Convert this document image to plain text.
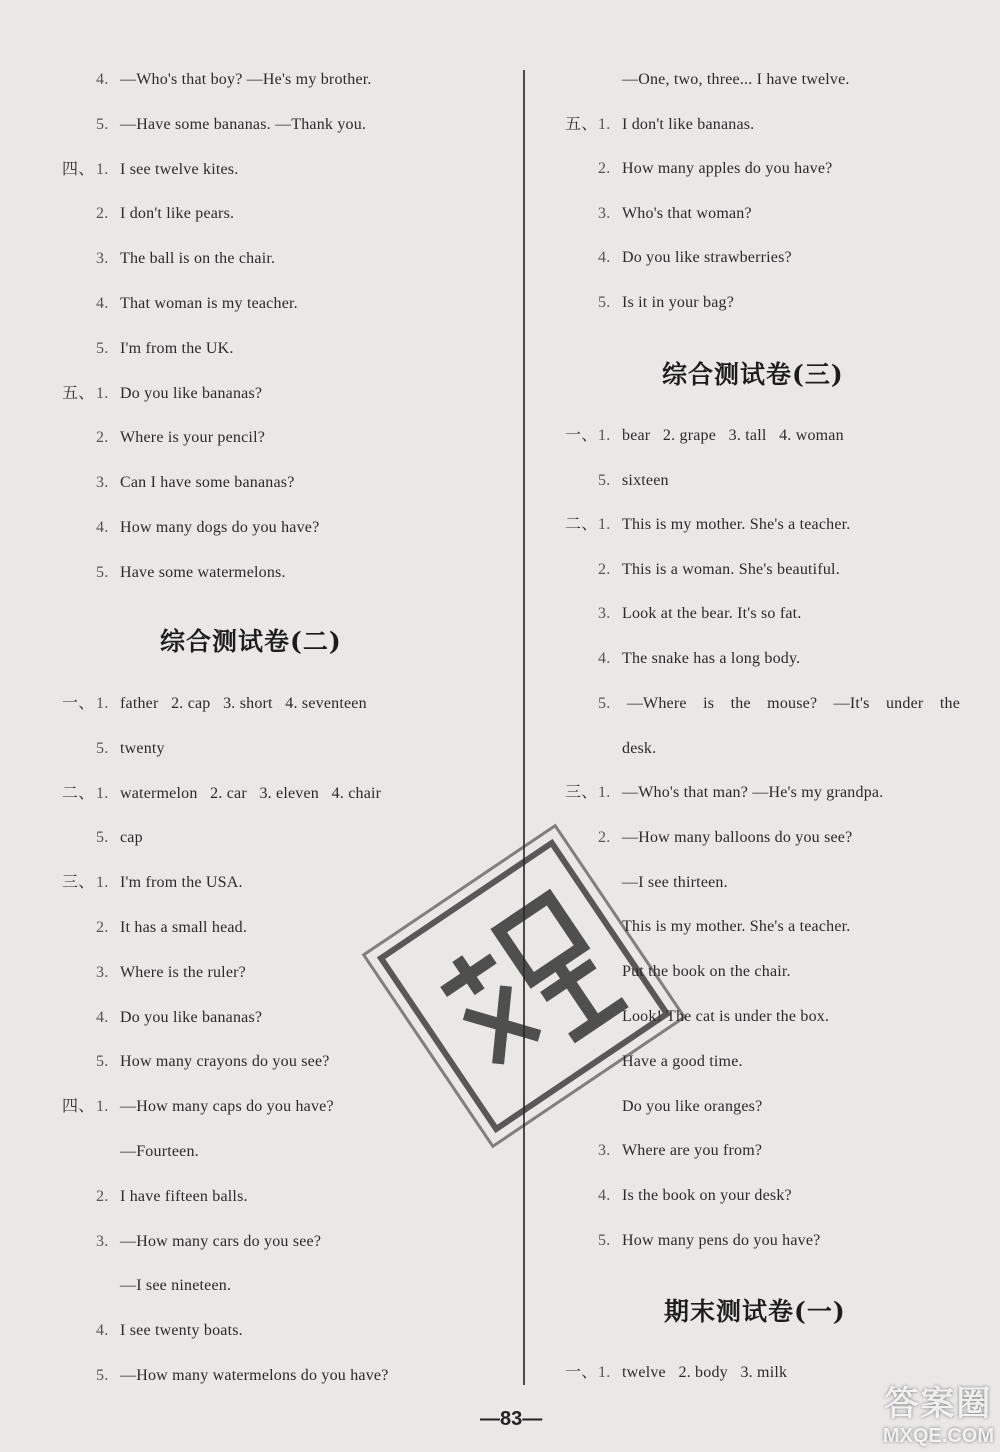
4. —Who's that boy? —He's my brother.
5. —Have some bananas. —Thank you.
四、 1. I see twelve kites.
2. I don't like pears.
3. The ball is on the chair.
4. That woman is my teacher.
5. I'm from the UK.
五、 1. Do you like bananas?
2. Where is your pencil?
3. Can I have some bananas?
4. How many dogs do you have?
5. Have some watermelons.
一、 1. father   2. cap   3. short   4. seventeen
5. twenty
二、 1. watermelon   2. car   3. eleven   4. chair
5. cap
三、 1. I'm from the USA.
2. It has a small head.
3. Where is the ruler?
4. Do you like bananas?
5. How many crayons do you see?
四、 1. —How many caps do you have?
—Fourteen.
2. I have fifteen balls.
3. —How many cars do you see?
—I see nineteen.
4. I see twenty boats.
5. —How many watermelons do you have?
—One, two, three... I have twelve.
五、 1. I don't like bananas.
2. How many apples do you have?
3. Who's that woman?
4. Do you like strawberries?
5. Is it in your bag?
一、 1. bear   2. grape   3. tall   4. woman
5. sixteen
二、 1. This is my mother. She's a teacher.
2. This is a woman. She's beautiful.
3. Look at the bear. It's so fat.
4. The snake has a long body.
5. —Where is the mouse? —It's under the
desk.
三、 1. —Who's that man? —He's my grandpa.
2. —How many balloons do you see?
—I see thirteen.
This is my mother. She's a teacher.
Put the book on the chair.
Look! The cat is under the box.
Have a good time.
Do you like oranges?
3. Where are you from?
4. Is the book on your desk?
5. How many pens do you have?
一、 1. twelve   2. body   3. milk
综合测试卷(二)
综合测试卷(三)
期末测试卷(一)
—83—	答案圈
MXQE.COM
